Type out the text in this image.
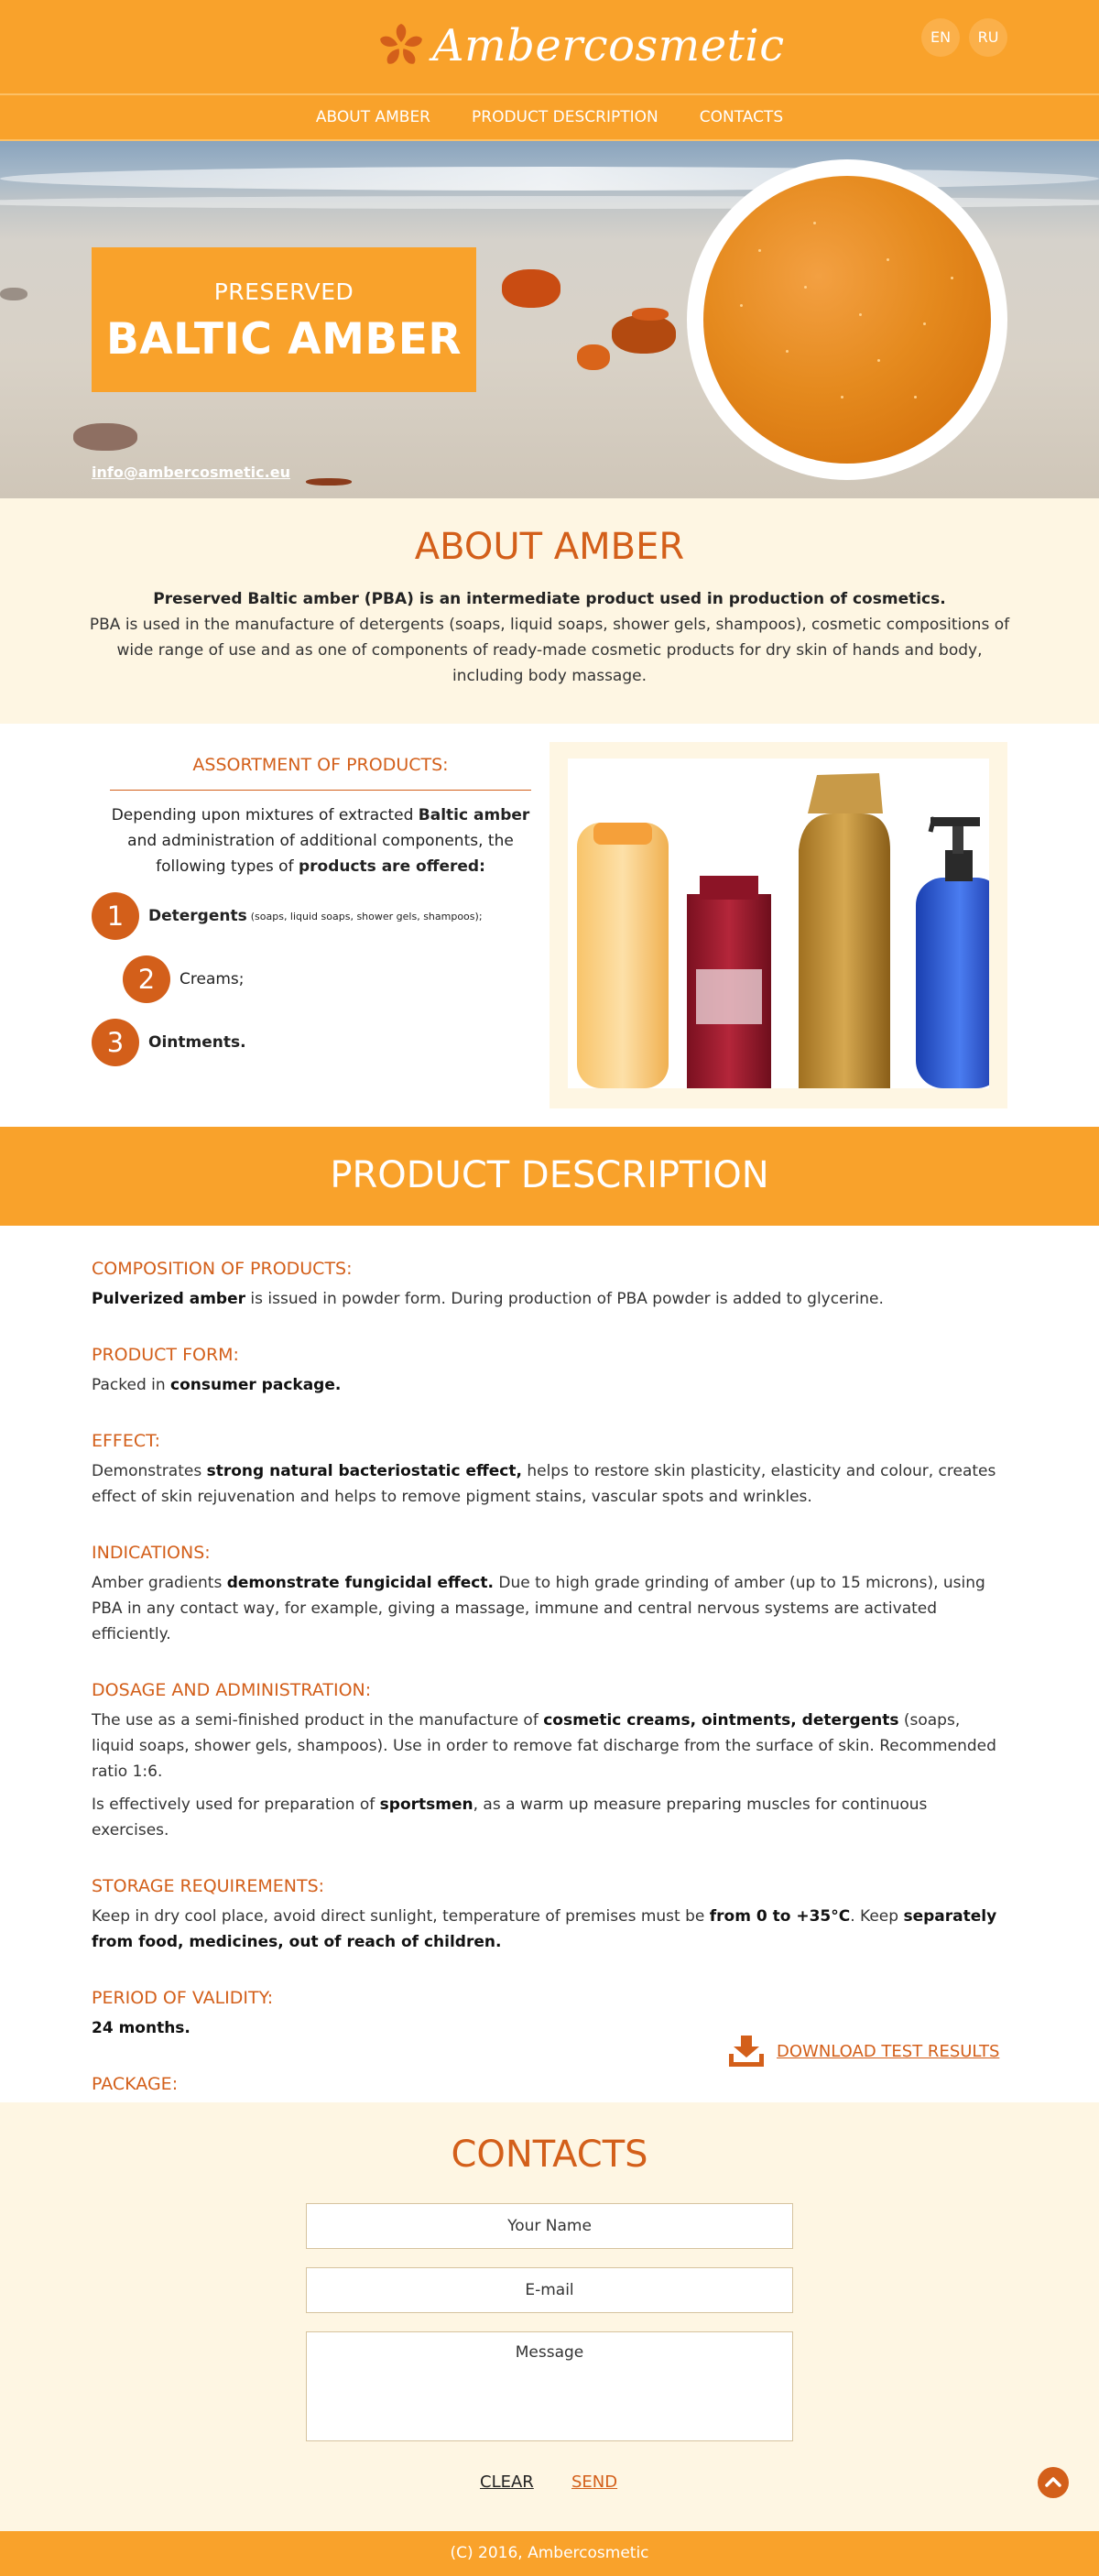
Ambercosmetic	EN	RU
ABOUT AMBER	PRODUCT DESCRIPTION	CONTACTS
PRESERVED
BALTIC AMBER
info@ambercosmetic.eu
ABOUT AMBER

Preserved Baltic amber (PBA) is an intermediate product used in production of cosmetics.

PBA is used in the manufacture of detergents (soaps, liquid soaps, shower gels, shampoos), cosmetic compositions of wide range of use and as one of components of ready-made cosmetic products for dry skin of hands and body, including body massage.

ASSORTMENT OF PRODUCTS:
Depending upon mixtures of extracted Baltic amber and administration of additional components, the following types of products are offered:
1	Detergents (soaps, liquid soaps, shower gels, shampoos);
2	Creams;
3	Ointments.
PRODUCT DESCRIPTION
COMPOSITION OF PRODUCTS:

Pulverized amber is issued in powder form. During production of PBA powder is added to glycerine.

PRODUCT FORM:

Packed in consumer package.

EFFECT:

Demonstrates strong natural bacteriostatic effect, helps to restore skin plasticity, elasticity and colour, creates effect of skin rejuvenation and helps to remove pigment stains, vascular spots and wrinkles.

INDICATIONS:

Amber gradients demonstrate fungicidal effect. Due to high grade grinding of amber (up to 15 microns), using PBA in any contact way, for example, giving a massage, immune and central nervous systems are activated efficiently.

DOSAGE AND ADMINISTRATION:

The use as a semi-finished product in the manufacture of cosmetic creams, ointments, detergents (soaps, liquid soaps, shower gels, shampoos). Use in order to remove fat discharge from the surface of skin. Recommended ratio 1:6.

Is effectively used for preparation of sportsmen, as a warm up measure preparing muscles for continuous exercises.

STORAGE REQUIREMENTS:

Keep in dry cool place, avoid direct sunlight, temperature of premises must be from 0 to +35°C. Keep separately from food, medicines, out of reach of children.

PERIOD OF VALIDITY:

24 months.

PACKAGE:

DOWNLOAD TEST RESULTS
CONTACTS
Your Name
E-mail
Message
CLEAR SEND
(C) 2016, Ambercosmetic
